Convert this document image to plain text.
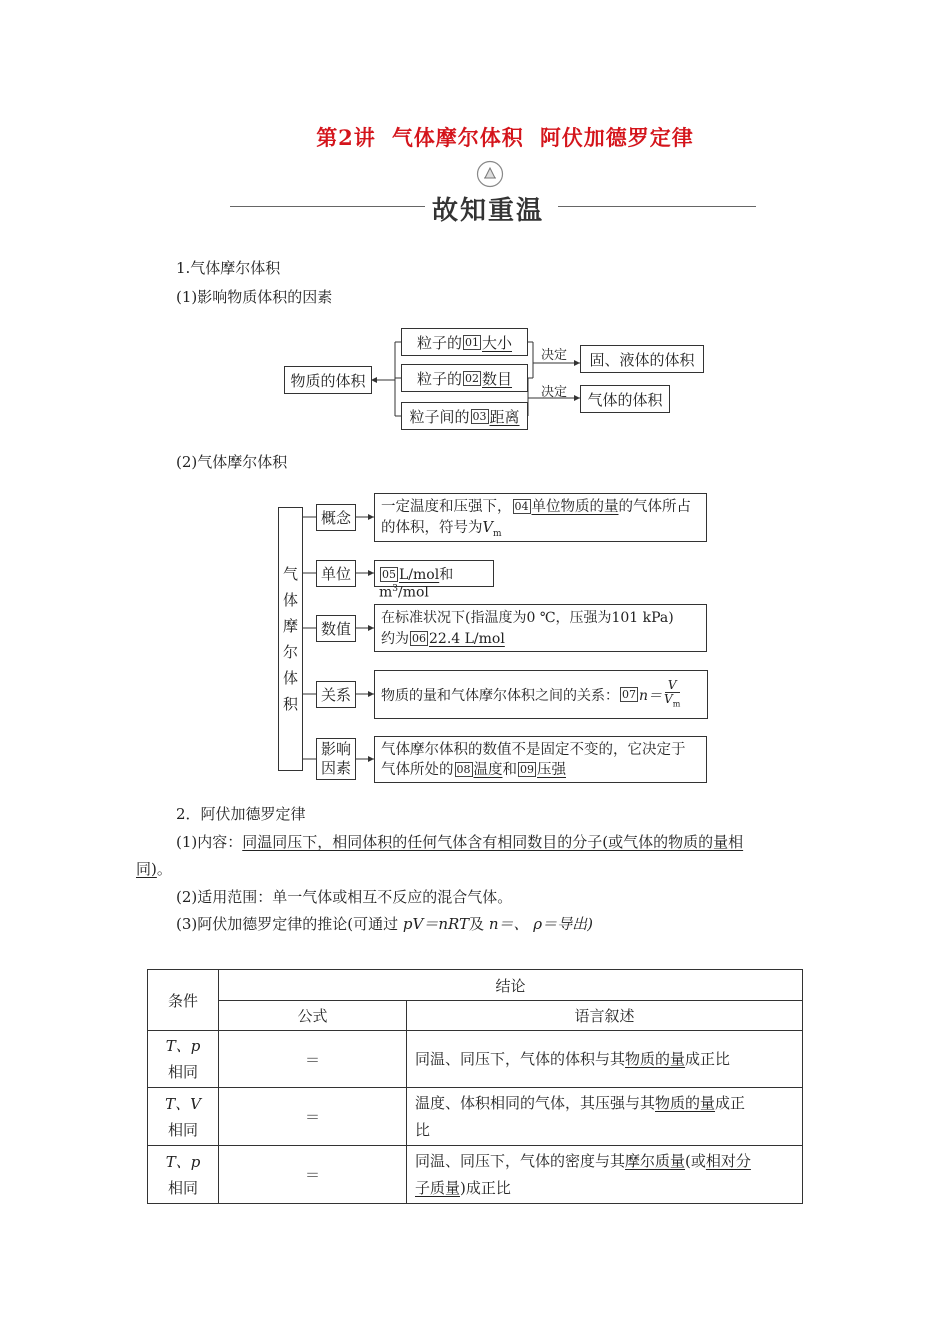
第2讲 气体摩尔体积 阿伏加德罗定律
故知重温
1.气体摩尔体积
(1)影响物质体积的因素
物质的体积
粒子的 01 大小
粒子的 02 数目
粒子间的 03 距离
决定
决定
固、液体的体积
气体的体积
(2)气体摩尔体积
气
体
摩
尔
体
积
概念
单位
数值
关系
影响
因素
一定温度和压强下， 04 单位物质的量的气体所占
的体积，符号为$V_m$
05 L/mol和$m^3$/mol
在标准状况下(指温度为0 ℃，压强为101 kPa)
约为 06 22.4 L/mol
物质的量和气体摩尔体积之间的关系： 07 n＝
V
$V_m$
气体摩尔体积的数值不是固定不变的，它决定于
气体所处的 08 温度和 09 压强
2．阿伏加德罗定律
(1)内容：同温同压下，相同体积的任何气体含有相同数目的分子(或气体的物质的量相
同)。
(2)适用范围：单一气体或相互不反应的混合气体。
(3)阿伏加德罗定律的推论(可通过 pV＝nRT及 n＝、 ρ＝导出)
条件	结论	
	公式	语言叙述
T、p
相同	＝	同温、同压下，气体的体积与其物质的量成正比
T、V
相同	＝	温度、体积相同的气体，其压强与其物质的量成正
比
T、p
相同	＝	同温、同压下，气体的密度与其摩尔质量(或相对分
子质量)成正比
